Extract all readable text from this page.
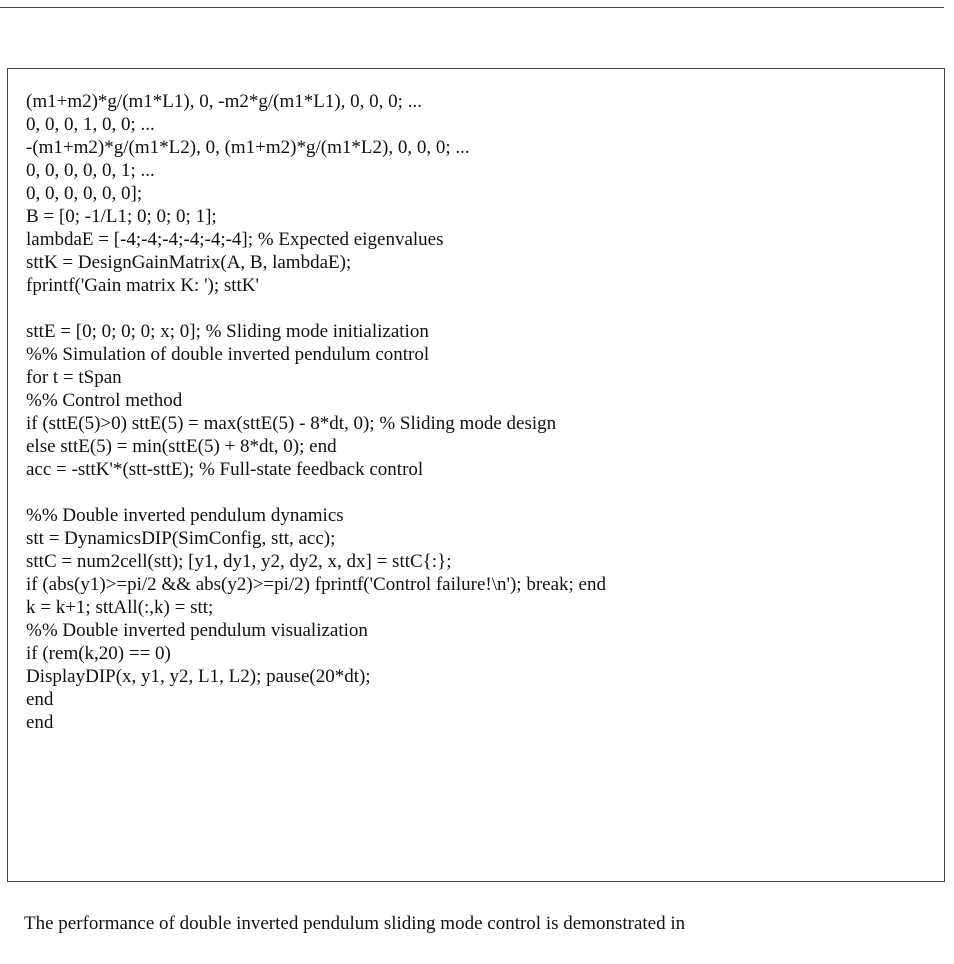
(m1+m2)*g/(m1*L1), 0, -m2*g/(m1*L1), 0, 0, 0; ...
0, 0, 0, 1, 0, 0; ...
-(m1+m2)*g/(m1*L2), 0, (m1+m2)*g/(m1*L2), 0, 0, 0; ...
0, 0, 0, 0, 0, 1; ...
0, 0, 0, 0, 0, 0];
B = [0; -1/L1; 0; 0; 0; 1];
lambdaE = [-4;-4;-4;-4;-4;-4]; % Expected eigenvalues
sttK = DesignGainMatrix(A, B, lambdaE);
fprintf('Gain matrix K: '); sttK'
sttE = [0; 0; 0; 0; x; 0]; % Sliding mode initialization
%% Simulation of double inverted pendulum control
for t = tSpan
%% Control method
if (sttE(5)>0) sttE(5) = max(sttE(5) - 8*dt, 0); % Sliding mode design
else sttE(5) = min(sttE(5) + 8*dt, 0); end
acc = -sttK'*(stt-sttE); % Full-state feedback control
%% Double inverted pendulum dynamics
stt = DynamicsDIP(SimConfig, stt, acc);
sttC = num2cell(stt); [y1, dy1, y2, dy2, x, dx] = sttC{:};
if (abs(y1)>=pi/2 && abs(y2)>=pi/2) fprintf('Control failure!\n'); break; end
k = k+1; sttAll(:,k) = stt;
%% Double inverted pendulum visualization
if (rem(k,20) == 0)
DisplayDIP(x, y1, y2, L1, L2); pause(20*dt);
end
end
The performance of double inverted pendulum sliding mode control is demonstrated in
